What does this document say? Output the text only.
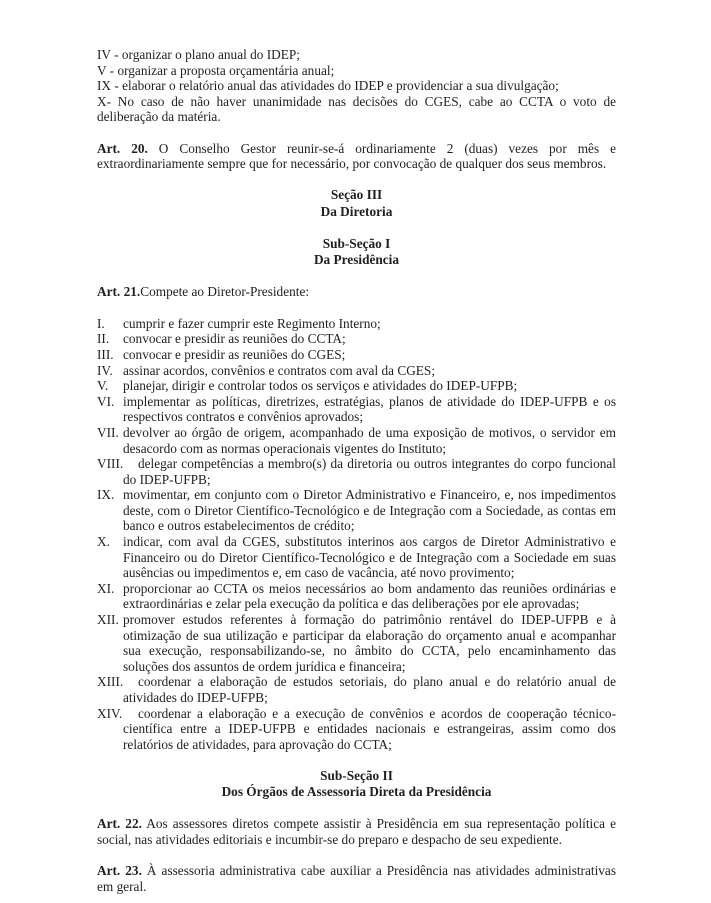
IV - organizar o plano anual do IDEP;
V - organizar a proposta orçamentária anual;
IX - elaborar o relatório anual das atividades do IDEP e providenciar a sua divulgação;
X- No caso de não haver unanimidade nas decisões do CGES, cabe ao CCTA o voto de deliberação da matéria.
Art. 20. O Conselho Gestor reunir-se-á ordinariamente 2 (duas) vezes por mês e extraordinariamente sempre que for necessário, por convocação de qualquer dos seus membros.
Seção III
Da Diretoria
Sub-Seção I
Da Presidência
Art. 21.Compete ao Diretor-Presidente:
I. cumprir e fazer cumprir este Regimento Interno;
II. convocar e presidir as reuniões do CCTA;
III. convocar e presidir as reuniões do CGES;
IV. assinar acordos, convênios e contratos com aval da CGES;
V. planejar, dirigir e controlar todos os serviços e atividades do IDEP-UFPB;
VI. implementar as políticas, diretrizes, estratégias, planos de atividade do IDEP-UFPB e os respectivos contratos e convênios aprovados;
VII. devolver ao órgão de origem, acompanhado de uma exposição de motivos, o servidor em desacordo com as normas operacionais vigentes do Instituto;
VIII. delegar competências a membro(s) da diretoria ou outros integrantes do corpo funcional do IDEP-UFPB;
IX. movimentar, em conjunto com o Diretor Administrativo e Financeiro, e, nos impedimentos deste, com o Diretor Científico-Tecnológico e de Integração com a Sociedade, as contas em banco e outros estabelecimentos de crédito;
X. indicar, com aval da CGES, substitutos interinos aos cargos de Diretor Administrativo e Financeiro ou do Diretor Científico-Tecnológico e de Integração com a Sociedade em suas ausências ou impedimentos e, em caso de vacância, até novo provimento;
XI. proporcionar ao CCTA os meios necessários ao bom andamento das reuniões ordinárias e extraordinárias e zelar pela execução da política e das deliberações por ele aprovadas;
XII. promover estudos referentes à formação do patrimônio rentável do IDEP-UFPB e à otimização de sua utilização e participar da elaboração do orçamento anual e acompanhar sua execução, responsabilizando-se, no âmbito do CCTA, pelo encaminhamento das soluções dos assuntos de ordem jurídica e financeira;
XIII. coordenar a elaboração de estudos setoriais, do plano anual e do relatório anual de atividades do IDEP-UFPB;
XIV. coordenar a elaboração e a execução de convênios e acordos de cooperação técnico-científica entre a IDEP-UFPB e entidades nacionais e estrangeiras, assim como dos relatórios de atividades, para aprovação do CCTA;
Sub-Seção II
Dos Órgãos de Assessoria Direta da Presidência
Art. 22. Aos assessores diretos compete assistir à Presidência em sua representação política e social, nas atividades editoriais e incumbir-se do preparo e despacho de seu expediente.
Art. 23. À assessoria administrativa cabe auxiliar a Presidência nas atividades administrativas em geral.
